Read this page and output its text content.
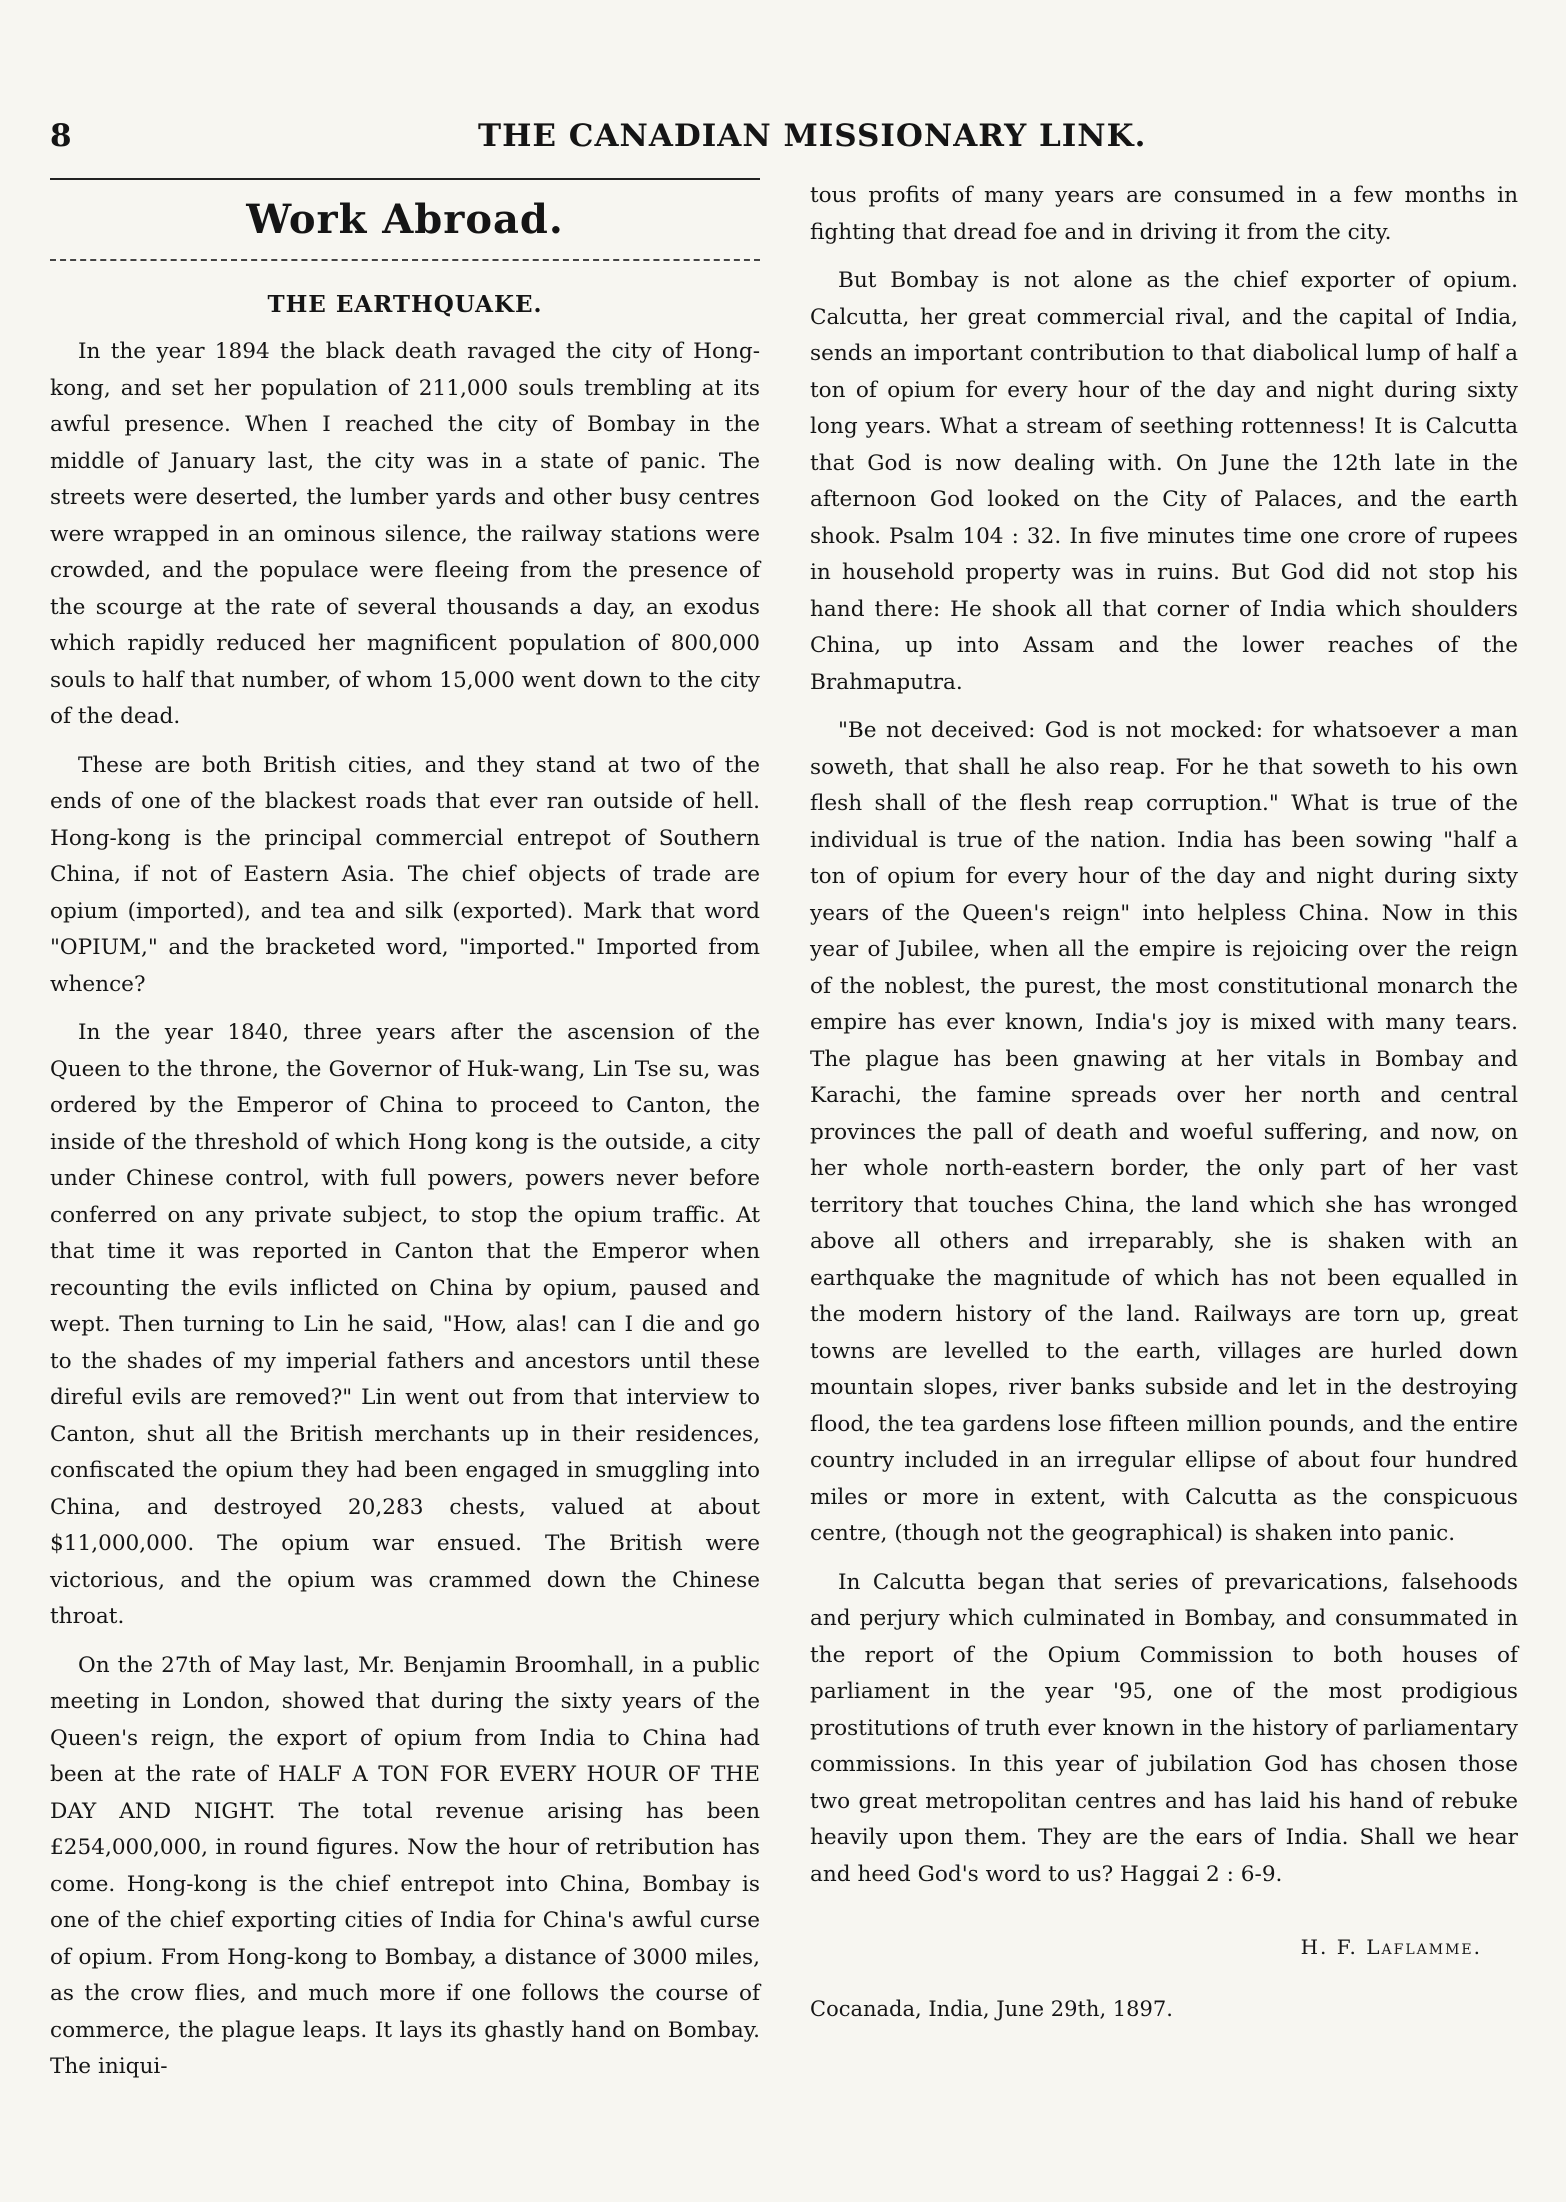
8	THE CANADIAN MISSIONARY LINK.
Work Abroad.
THE EARTHQUAKE.

In the year 1894 the black death ravaged the city of Hong-kong, and set her population of 211,000 souls trembling at its awful presence. When I reached the city of Bombay in the middle of January last, the city was in a state of panic. The streets were deserted, the lumber yards and other busy centres were wrapped in an ominous silence, the railway stations were crowded, and the populace were fleeing from the presence of the scourge at the rate of several thousands a day, an exodus which rapidly reduced her magnificent population of 800,000 souls to half that number, of whom 15,000 went down to the city of the dead.

These are both British cities, and they stand at two of the ends of one of the blackest roads that ever ran outside of hell. Hong-kong is the principal commercial entrepot of Southern China, if not of Eastern Asia. The chief objects of trade are opium (imported), and tea and silk (exported). Mark that word "OPIUM," and the bracketed word, "imported." Imported from whence?

In the year 1840, three years after the ascension of the Queen to the throne, the Governor of Huk-wang, Lin Tse su, was ordered by the Emperor of China to proceed to Canton, the inside of the threshold of which Hong kong is the outside, a city under Chinese control, with full powers, powers never before conferred on any private subject, to stop the opium traffic. At that time it was reported in Canton that the Emperor when recounting the evils inflicted on China by opium, paused and wept. Then turning to Lin he said, "How, alas! can I die and go to the shades of my imperial fathers and ancestors until these direful evils are removed?" Lin went out from that interview to Canton, shut all the British merchants up in their residences, confiscated the opium they had been engaged in smuggling into China, and destroyed 20,283 chests, valued at about $11,000,000. The opium war ensued. The British were victorious, and the opium was crammed down the Chinese throat.

On the 27th of May last, Mr. Benjamin Broomhall, in a public meeting in London, showed that during the sixty years of the Queen's reign, the export of opium from India to China had been at the rate of HALF A TON FOR EVERY HOUR OF THE DAY AND NIGHT. The total revenue arising has been £254,000,000, in round figures. Now the hour of retribution has come. Hong-kong is the chief entrepot into China, Bombay is one of the chief exporting cities of India for China's awful curse of opium. From Hong-kong to Bombay, a distance of 3000 miles, as the crow flies, and much more if one follows the course of commerce, the plague leaps. It lays its ghastly hand on Bombay. The iniqui-

tous profits of many years are consumed in a few months in fighting that dread foe and in driving it from the city.

But Bombay is not alone as the chief exporter of opium. Calcutta, her great commercial rival, and the capital of India, sends an important contribution to that diabolical lump of half a ton of opium for every hour of the day and night during sixty long years. What a stream of seething rottenness! It is Calcutta that God is now dealing with. On June the 12th late in the afternoon God looked on the City of Palaces, and the earth shook. Psalm 104 : 32. In five minutes time one crore of rupees in household property was in ruins. But God did not stop his hand there: He shook all that corner of India which shoulders China, up into Assam and the lower reaches of the Brahmaputra.

"Be not deceived: God is not mocked: for whatsoever a man soweth, that shall he also reap. For he that soweth to his own flesh shall of the flesh reap corruption." What is true of the individual is true of the nation. India has been sowing "half a ton of opium for every hour of the day and night during sixty years of the Queen's reign" into helpless China. Now in this year of Jubilee, when all the empire is rejoicing over the reign of the noblest, the purest, the most constitutional monarch the empire has ever known, India's joy is mixed with many tears. The plague has been gnawing at her vitals in Bombay and Karachi, the famine spreads over her north and central provinces the pall of death and woeful suffering, and now, on her whole north-eastern border, the only part of her vast territory that touches China, the land which she has wronged above all others and irreparably, she is shaken with an earthquake the magnitude of which has not been equalled in the modern history of the land. Railways are torn up, great towns are levelled to the earth, villages are hurled down mountain slopes, river banks subside and let in the destroying flood, the tea gardens lose fifteen million pounds, and the entire country included in an irregular ellipse of about four hundred miles or more in extent, with Calcutta as the conspicuous centre, (though not the geographical) is shaken into panic.

In Calcutta began that series of prevarications, falsehoods and perjury which culminated in Bombay, and consummated in the report of the Opium Commission to both houses of parliament in the year '95, one of the most prodigious prostitutions of truth ever known in the history of parliamentary commissions. In this year of jubilation God has chosen those two great metropolitan centres and has laid his hand of rebuke heavily upon them. They are the ears of India. Shall we hear and heed God's word to us? Haggai 2 : 6-9.

H. F. Laflamme.
Cocanada, India, June 29th, 1897.
